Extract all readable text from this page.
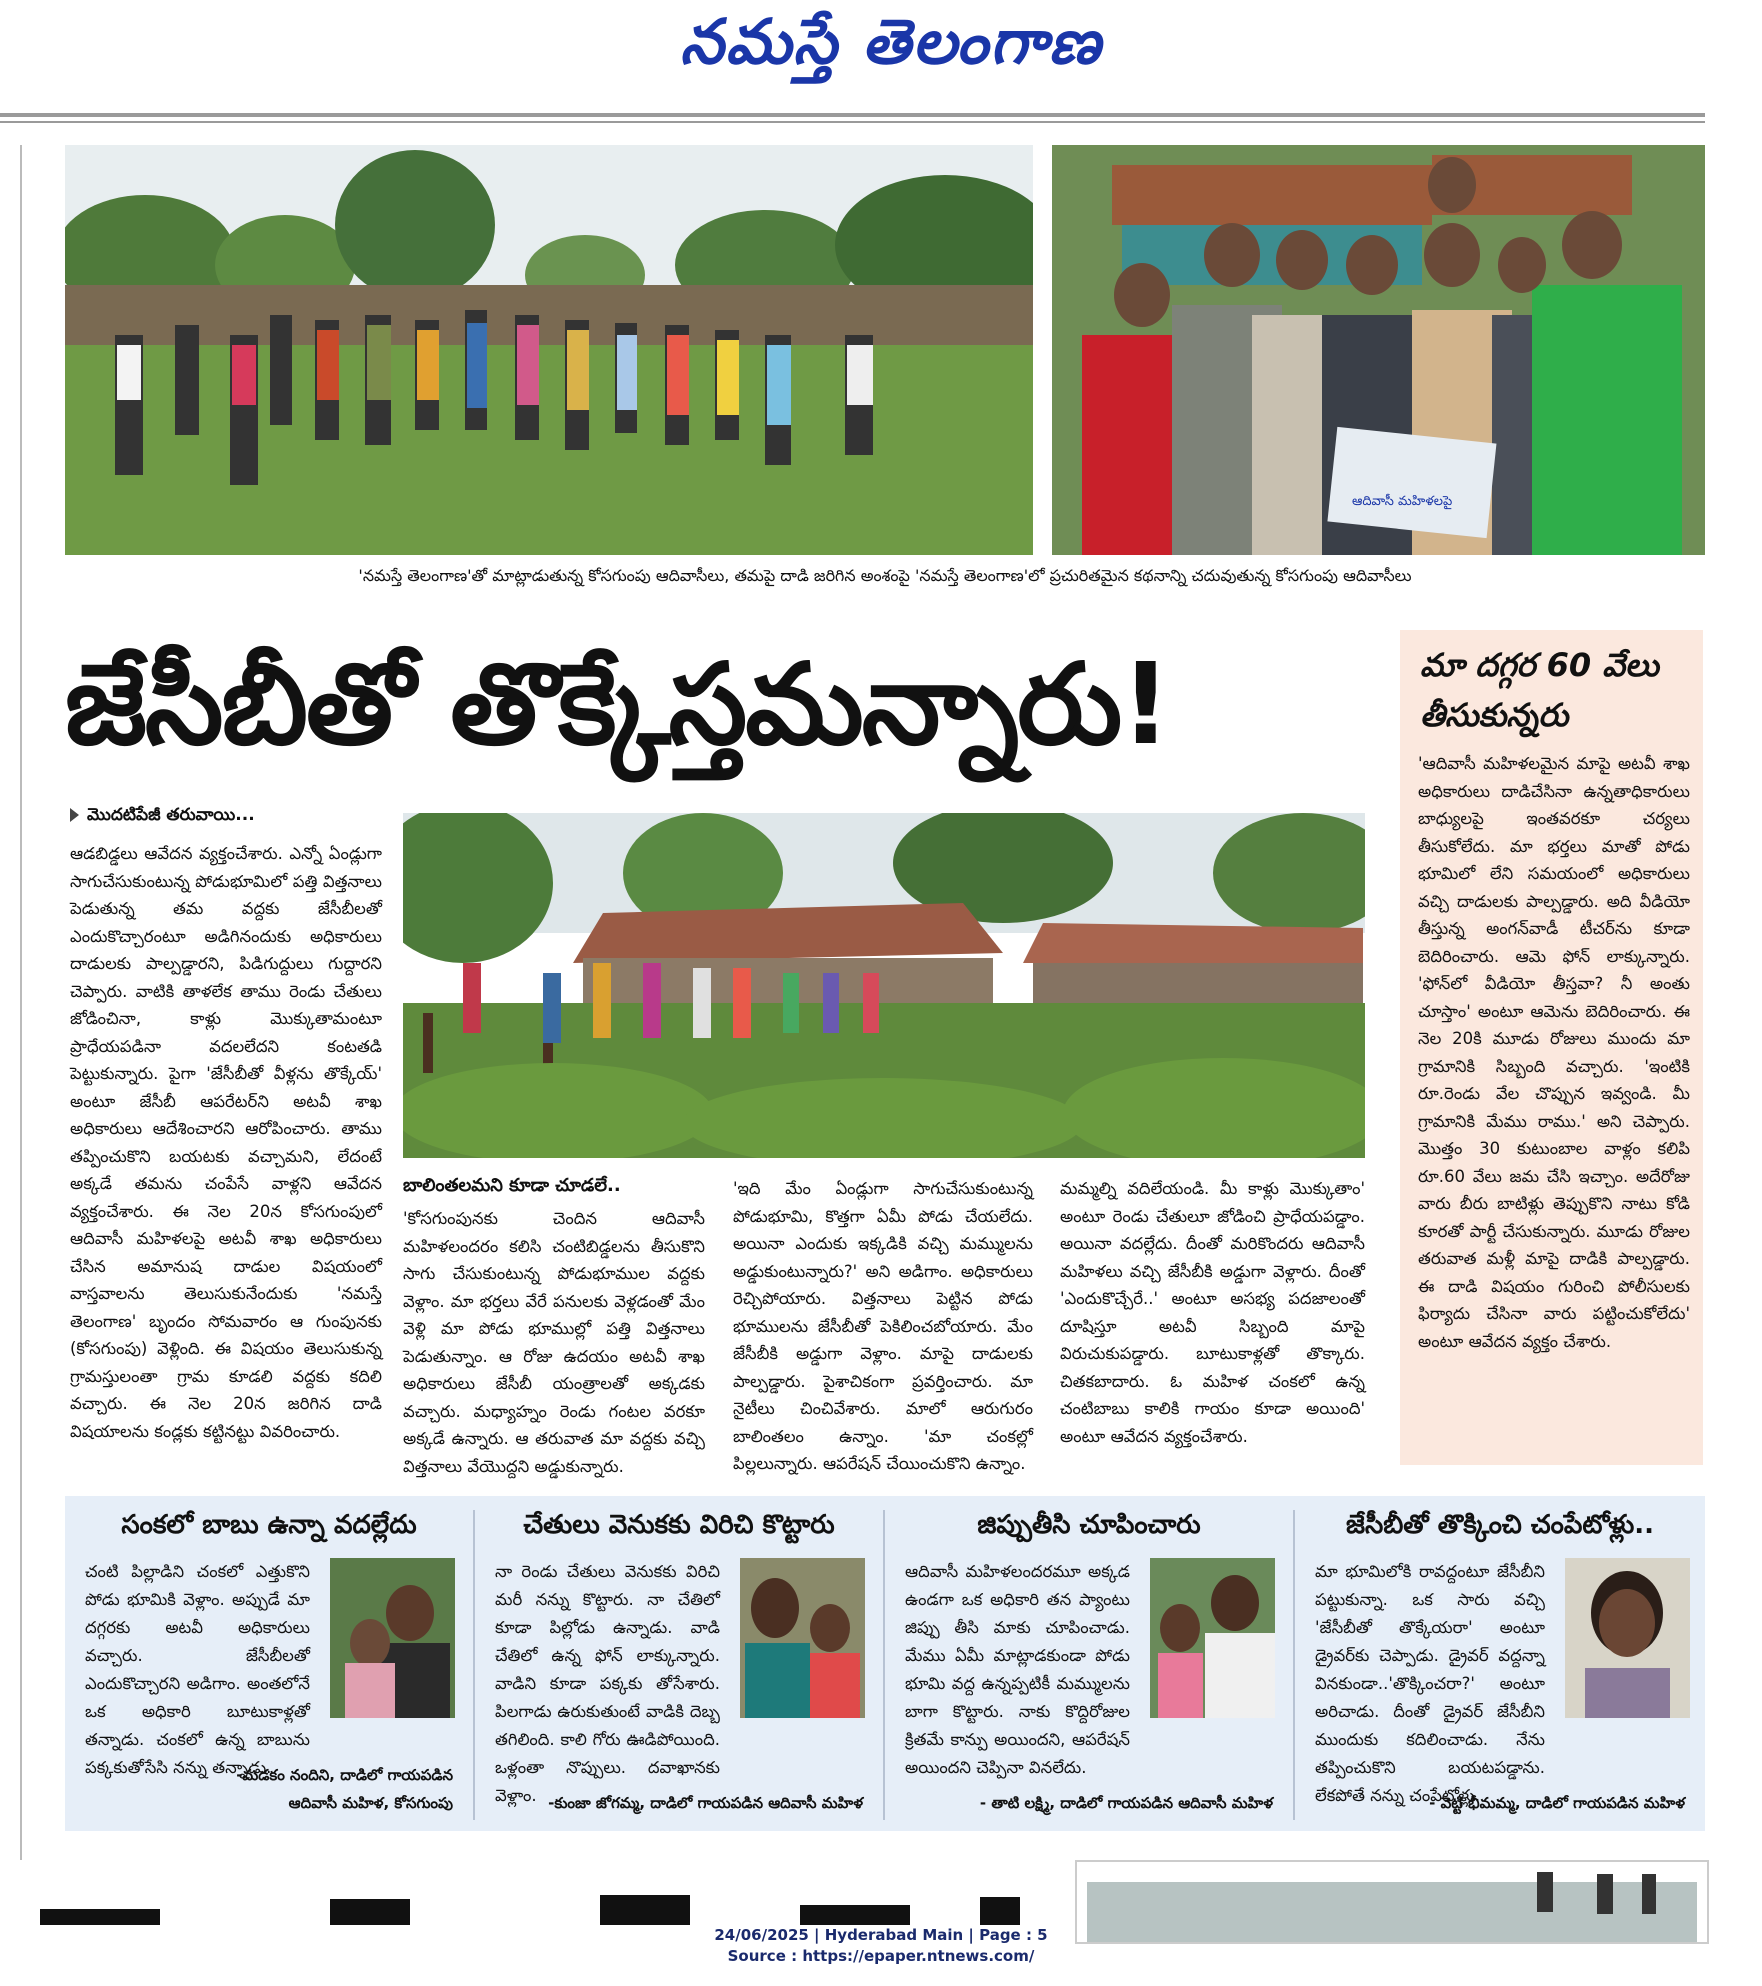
నమస్తే తెలంగాణ
ఆదివాసీ మహిళలపై
'నమస్తే తెలంగాణ'తో మాట్లాడుతున్న కోసగుంపు ఆదివాసీలు, తమపై దాడి జరిగిన అంశంపై 'నమస్తే తెలంగాణ'లో ప్రచురితమైన కథనాన్ని చదువుతున్న కోసగుంపు ఆదివాసీలు
జేసీబీతో తొక్కేస్తమన్నారు!	మా దగ్గర 60 వేలు తీసుకున్నరు
'ఆదివాసీ మహిళలమైన మాపై అటవీ శాఖ అధికారులు దాడిచేసినా ఉన్నతాధికారులు బాధ్యులపై ఇంతవరకూ చర్యలు తీసుకోలేదు. మా భర్తలు మాతో పోడు భూమిలో లేని సమయంలో అధికారులు వచ్చి దాడులకు పాల్పడ్డారు. అది వీడియో తీస్తున్న అంగన్‌వాడీ టీచర్‌ను కూడా బెదిరించారు. ఆమె ఫోన్ లాక్కున్నారు. 'ఫోన్‌లో వీడియో తీస్తవా? నీ అంతు చూస్తాం' అంటూ ఆమెను బెదిరించారు. ఈ నెల 20కి మూడు రోజులు ముందు మా గ్రామానికి సిబ్బంది వచ్చారు. 'ఇంటికి రూ.రెండు వేల చొప్పున ఇవ్వండి. మీ గ్రామానికి మేము రాము.' అని చెప్పారు. మొత్తం 30 కుటుంబాల వాళ్లం కలిపి రూ.60 వేలు జమ చేసి ఇచ్చాం. అదేరోజు వారు బీరు బాటిళ్లు తెప్పుకొని నాటు కోడి కూరతో పార్టీ చేసుకున్నారు. మూడు రోజుల తరువాత మళ్లీ మాపై దాడికి పాల్పడ్డారు. ఈ దాడి విషయం గురించి పోలీసులకు ఫిర్యాదు చేసినా వారు పట్టించుకోలేదు' అంటూ ఆవేదన వ్యక్తం చేశారు.
మొదటిపేజీ తరువాయి...
ఆడబిడ్డలు ఆవేదన వ్యక్తంచేశారు. ఎన్నో ఏండ్లుగా సాగుచేసుకుంటున్న పోడుభూమిలో పత్తి విత్తనాలు పెడుతున్న తమ వద్దకు జేసీబీలతో ఎందుకొచ్చారంటూ అడిగినందుకు అధికారులు దాడులకు పాల్పడ్డారని, పిడిగుద్దులు గుద్దారని చెప్పారు. వాటికి తాళలేక తాము రెండు చేతులు జోడించినా, కాళ్లు మొక్కుతామంటూ ప్రాధేయపడినా వదలలేదని కంటతడి పెట్టుకున్నారు. పైగా 'జేసీబీతో వీళ్లను తొక్కేయ్' అంటూ జేసీబీ ఆపరేటర్‌ని అటవీ శాఖ అధికారులు ఆదేశించారని ఆరోపించారు. తాము తప్పించుకొని బయటకు వచ్చామని, లేదంటే అక్కడే తమను చంపేసే వాళ్లని ఆవేదన వ్యక్తంచేశారు. ఈ నెల 20న కోసగుంపులో ఆదివాసీ మహిళలపై అటవీ శాఖ అధికారులు చేసిన అమానుష దాడుల విషయంలో వాస్తవాలను తెలుసుకునేందుకు 'నమస్తే తెలంగాణ' బృందం సోమవారం ఆ గుంపునకు (కోసగుంపు) వెళ్లింది. ఈ విషయం తెలుసుకున్న గ్రామస్తులంతా గ్రామ కూడలి వద్దకు కదిలి వచ్చారు. ఈ నెల 20న జరిగిన దాడి విషయాలను కండ్లకు కట్టినట్టు వివరించారు.
బాలింతలమని కూడా చూడలే..
'కోసగుంపునకు చెందిన ఆదివాసీ మహిళలందరం కలిసి చంటిబిడ్డలను తీసుకొని సాగు చేసుకుంటున్న పోడుభూముల వద్దకు వెళ్లాం. మా భర్తలు వేరే పనులకు వెళ్లడంతో మేం వెళ్లి మా పోడు భూముల్లో పత్తి విత్తనాలు పెడుతున్నాం. ఆ రోజు ఉదయం అటవీ శాఖ అధికారులు జేసీబీ యంత్రాలతో అక్కడకు వచ్చారు. మధ్యాహ్నం రెండు గంటల వరకూ అక్కడే ఉన్నారు. ఆ తరువాత మా వద్దకు వచ్చి విత్తనాలు వేయొద్దని అడ్డుకున్నారు.
'ఇది మేం ఏండ్లుగా సాగుచేసుకుంటున్న పోడుభూమి, కొత్తగా ఏమీ పోడు చేయలేదు. అయినా ఎందుకు ఇక్కడికి వచ్చి మమ్ములను అడ్డుకుంటున్నారు?' అని అడిగాం. అధికారులు రెచ్చిపోయారు. విత్తనాలు పెట్టిన పోడు భూములను జేసీబీతో పెకిలించబోయారు. మేం జేసీబీకి అడ్డుగా వెళ్లాం. మాపై దాడులకు పాల్పడ్డారు. పైశాచికంగా ప్రవర్తించారు. మా నైటీలు చించివేశారు. మాలో ఆరుగురం బాలింతలం ఉన్నాం. 'మా చంకల్లో పిల్లలున్నారు. ఆపరేషన్ చేయించుకొని ఉన్నాం.
మమ్మల్ని వదిలేయండి. మీ కాళ్లు మొక్కుతాం' అంటూ రెండు చేతులూ జోడించి ప్రాధేయపడ్డాం. అయినా వదల్లేదు. దీంతో మరికొందరు ఆదివాసీ మహిళలు వచ్చి జేసీబీకి అడ్డుగా వెళ్లారు. దీంతో 'ఎందుకొచ్చేరే..' అంటూ అసభ్య పదజాలంతో దూషిస్తూ అటవీ సిబ్బంది మాపై విరుచుకుపడ్డారు. బూటుకాళ్లతో తొక్కారు. చితకబాదారు. ఓ మహిళ చంకలో ఉన్న చంటిబాబు కాలికి గాయం కూడా అయింది' అంటూ ఆవేదన వ్యక్తంచేశారు.
సంకలో బాబు ఉన్నా వదల్లేదు
చంటి పిల్లాడిని చంకలో ఎత్తుకొని పోడు భూమికి వెళ్లాం. అప్పుడే మా దగ్గరకు అటవీ అధికారులు వచ్చారు. జేసీబీలతో ఎందుకొచ్చారని అడిగాం. అంతలోనే ఒక అధికారి బూటుకాళ్లతో తన్నాడు. చంకలో ఉన్న బాబును పక్కకుతోసేసి నన్ను తన్నాడు.
-మడకం నందిని, దాడిలో గాయపడిన
ఆదివాసీ మహిళ, కోసగుంపు
చేతులు వెనుకకు విరిచి కొట్టారు
నా రెండు చేతులు వెనుకకు విరిచి మరీ నన్ను కొట్టారు. నా చేతిలో కూడా పిల్లోడు ఉన్నాడు. వాడి చేతిలో ఉన్న ఫోన్ లాక్కున్నారు. వాడిని కూడా పక్కకు తోసేశారు. పిలగాడు ఉరుకుతుంటే వాడికి దెబ్బ తగిలింది. కాలి గోరు ఊడిపోయింది. ఒళ్లంతా నొప్పులు. దవాఖానకు వెళ్లాం. -కుంజా జోగమ్మ, దాడిలో గాయపడిన ఆదివాసీ మహిళ
జిప్పుతీసి చూపించారు
ఆదివాసీ మహిళలందరమూ అక్కడ ఉండగా ఒక అధికారి తన ప్యాంటు జిప్పు తీసి మాకు చూపించాడు. మేము ఏమీ మాట్లాడకుండా పోడు భూమి వద్ద ఉన్నప్పటికీ మమ్ములను బాగా కొట్టారు. నాకు కొద్దిరోజుల క్రితమే కాన్పు అయిందని, ఆపరేషన్ అయిందని చెప్పినా వినలేదు.
- తాటి లక్ష్మి, దాడిలో గాయపడిన ఆదివాసీ మహిళ
జేసీబీతో తొక్కించి చంపేటోళ్లు..
మా భూమిలోకి రావద్దంటూ జేసీబీని పట్టుకున్నా. ఒక సారు వచ్చి 'జేసీబీతో తొక్కేయరా' అంటూ డ్రైవర్‌కు చెప్పాడు. డ్రైవర్ వద్దన్నా వినకుండా..'తొక్కించరా?' అంటూ అరిచాడు. దీంతో డ్రైవర్ జేసీబీని ముందుకు కదిలించాడు. నేను తప్పించుకొని బయటపడ్డాను. లేకపోతే నన్ను చంపేటోళ్లు.
- వెట్టి భీమమ్మ, దాడిలో గాయపడిన మహిళ
24/06/2025 | Hyderabad Main | Page : 5
Source : https://epaper.ntnews.com/
